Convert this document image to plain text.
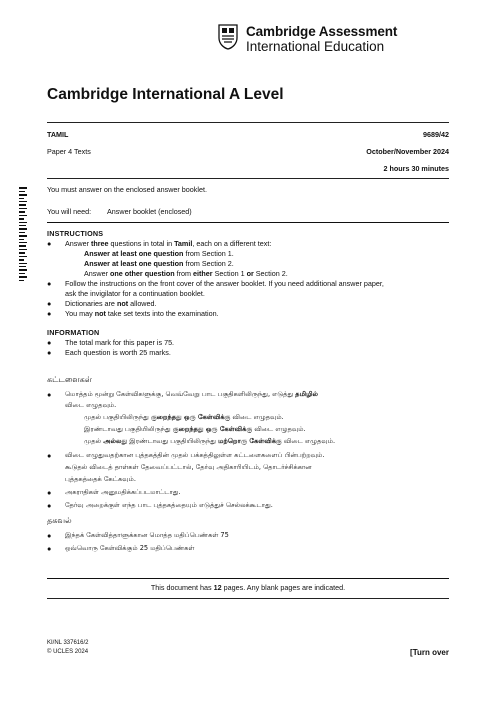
Cambridge Assessment
International Education
Cambridge International A Level
TAMIL	9689/42
Paper 4 Texts	October/November 2024
2 hours 30 minutes
You must answer on the enclosed answer booklet.
You will need: Answer booklet (enclosed)
INSTRUCTIONS
● Answer three questions in total in Tamil, each on a different text:
Answer at least one question from Section 1.
Answer at least one question from Section 2.
Answer one other question from either Section 1 or Section 2.
● Follow the instructions on the front cover of the answer booklet. If you need additional answer paper,
ask the invigilator for a continuation booklet.
● Dictionaries are not allowed.
● You may not take set texts into the examination.
INFORMATION
● The total mark for this paper is 75.
● Each question is worth 25 marks.
கட்டளைகள்
● மொத்தம் மூன்று கேள்விகளுக்கு, வெவ்வேறு பாட பகுதிகளிலிருந்து, எடுத்து தமிழில்
விடை எழுதவும்.
முதல் பகுதியிலிருந்து குறைந்தது ஒரு கேள்விக்கு விடை எழுதவும்.
இரண்டாவது பகுதியிலிருந்து குறைந்தது ஒரு கேள்விக்கு விடை எழுதவும்.
முதல் அல்லது இரண்டாவது பகுதியிலிருந்து மற்றொரு கேள்விக்கு விடை எழுதவும்.
● விடை எழுதுவதற்கான புத்தகத்தின் முதல் பக்கத்திலுள்ள கட்டளைகளைப் பின்பற்றவும்.
கூடுதல் விடைத் தாள்கள் தேவைப்பட்டால், தேர்வு அதிகாரியிடம், தொடர்ச்சிக்கான
புத்தகத்தைக் கேட்கவும்.
● அகராதிகள் அனுமதிக்கப்படமாட்டாது.
● தேர்வு அறைக்குள் எந்த பாட புத்தகத்தையும் எடுத்துச் செல்லக்கூடாது.
தகவல்
● இந்தக் கேள்வித்தாளுக்கான மொத்த மதிப்பெண்கள் 75
● ஒவ்வொரு கேள்விக்கும் 25 மதிப்பெண்கள்
This document has 12 pages. Any blank pages are indicated.
KI/NL 337616/2
© UCLES 2024	[Turn over
